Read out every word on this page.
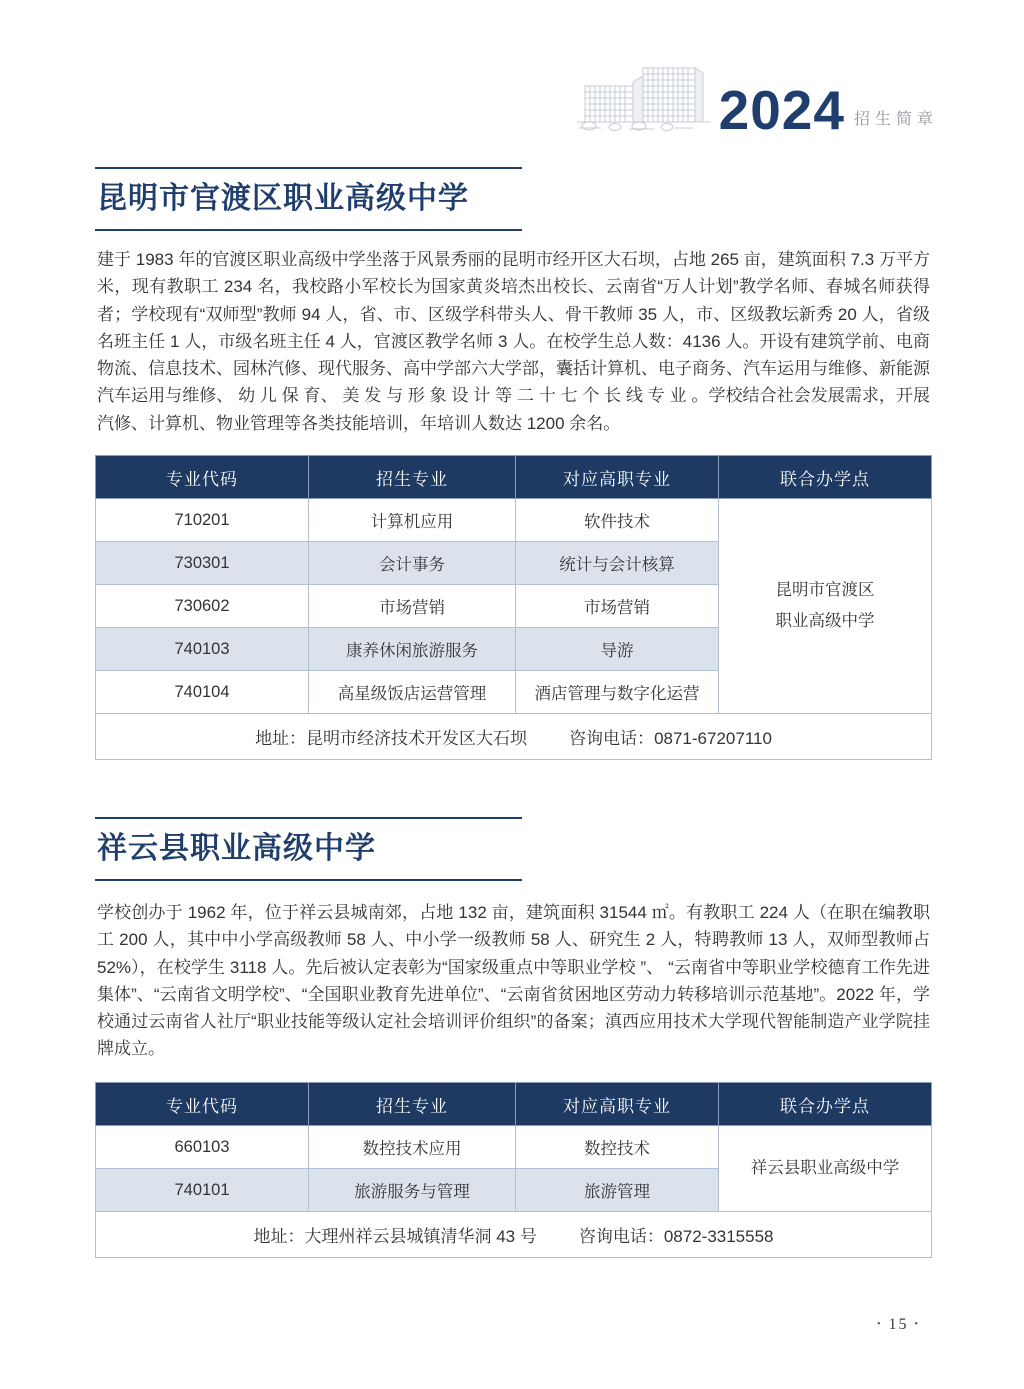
2024 招生简章
昆明市官渡区职业高级中学
建于 1983 年的官渡区职业高级中学坐落于风景秀丽的昆明市经开区大石坝，占地 265 亩，建筑面积 7.3 万平方米，现有教职工 234 名，我校路小军校长为国家黄炎培杰出校长、云南省“万人计划”教学名师、春城名师获得者；学校现有“双师型”教师 94 人，省、市、区级学科带头人、骨干教师 35 人，市、区级教坛新秀 20 人，省级名班主任 1 人，市级名班主任 4 人，官渡区教学名师 3 人。在校学生总人数：4136 人。开设有建筑学前、电商物流、信息技术、园林汽修、现代服务、高中学部六大学部，囊括计算机、电子商务、汽车运用与维修、新能源汽车运用与维修、 幼 儿 保 育、 美 发 与 形 象 设 计 等 二 十 七 个 长 线 专 业 。学校结合社会发展需求，开展汽修、计算机、物业管理等各类技能培训，年培训人数达 1200 余名。
专业代码	招生专业	对应高职专业	联合办学点
710201	计算机应用	软件技术	昆明市官渡区
职业高级中学

730301	会计事务	统计与会计核算	
730602	市场营销	市场营销	
740103	康养休闲旅游服务	导游	
740104	高星级饭店运营管理	酒店管理与数字化运营	
地址：昆明市经济技术开发区大石坝 咨询电话：0871-67207110			
祥云县职业高级中学
学校创办于 1962 年，位于祥云县城南郊，占地 132 亩，建筑面积 31544 ㎡。有教职工 224 人（在职在编教职工 200 人，其中中小学高级教师 58 人、中小学一级教师 58 人、研究生 2 人，特聘教师 13 人，双师型教师占 52%），在校学生 3118 人。先后被认定表彰为“国家级重点中等职业学校 ”、 “云南省中等职业学校德育工作先进集体”、“云南省文明学校”、“全国职业教育先进单位”、“云南省贫困地区劳动力转移培训示范基地”。2022 年，学校通过云南省人社厅“职业技能等级认定社会培训评价组织”的备案；滇西应用技术大学现代智能制造产业学院挂牌成立。
专业代码	招生专业	对应高职专业	联合办学点
660103	数控技术应用	数控技术	祥云县职业高级中学

740101	旅游服务与管理	旅游管理	
地址：大理州祥云县城镇清华洞 43 号 咨询电话：0872-3315558			
• 15 •
